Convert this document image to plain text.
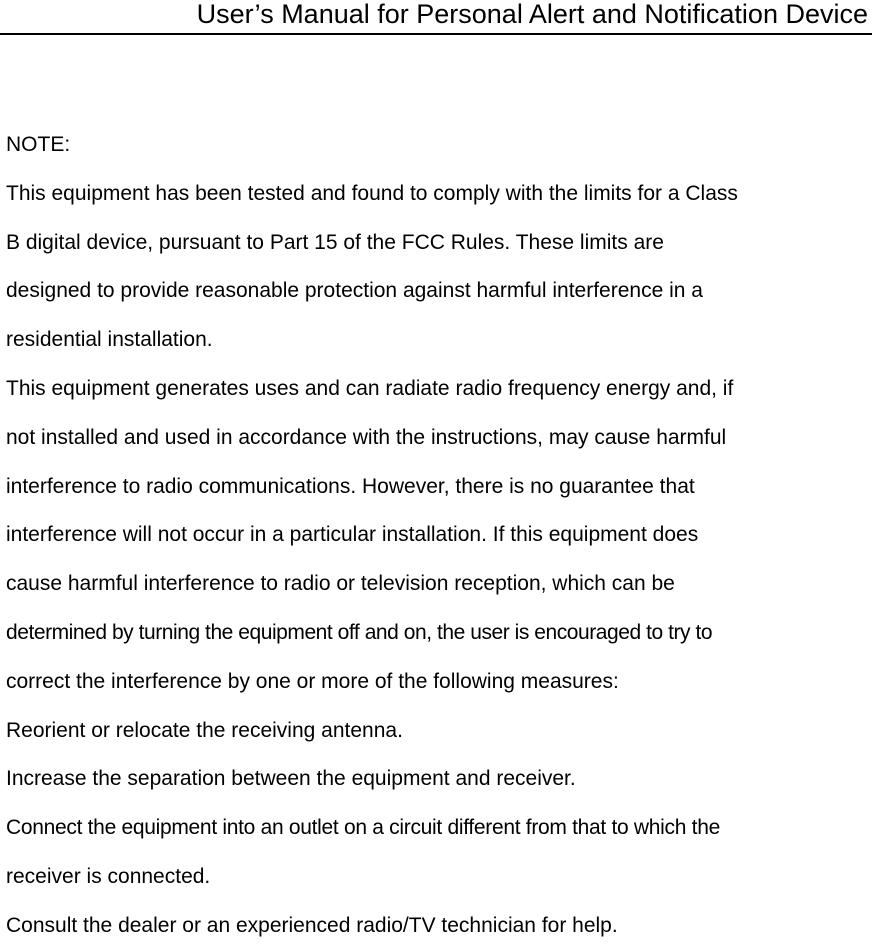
User’s Manual for Personal Alert and Notification Device

NOTE:

This equipment has been tested and found to comply with the limits for a Class

B digital device, pursuant to Part 15 of the FCC Rules. These limits are

designed to provide reasonable protection against harmful interference in a

residential installation.

This equipment generates uses and can radiate radio frequency energy and, if

not installed and used in accordance with the instructions, may cause harmful

interference to radio communications. However, there is no guarantee that

interference will not occur in a particular installation. If this equipment does

cause harmful interference to radio or television reception, which can be

determined by turning the equipment off and on, the user is encouraged to try to

correct the interference by one or more of the following measures:

Reorient or relocate the receiving antenna.

Increase the separation between the equipment and receiver.

Connect the equipment into an outlet on a circuit different from that to which the

receiver is connected.

Consult the dealer or an experienced radio/TV technician for help.
